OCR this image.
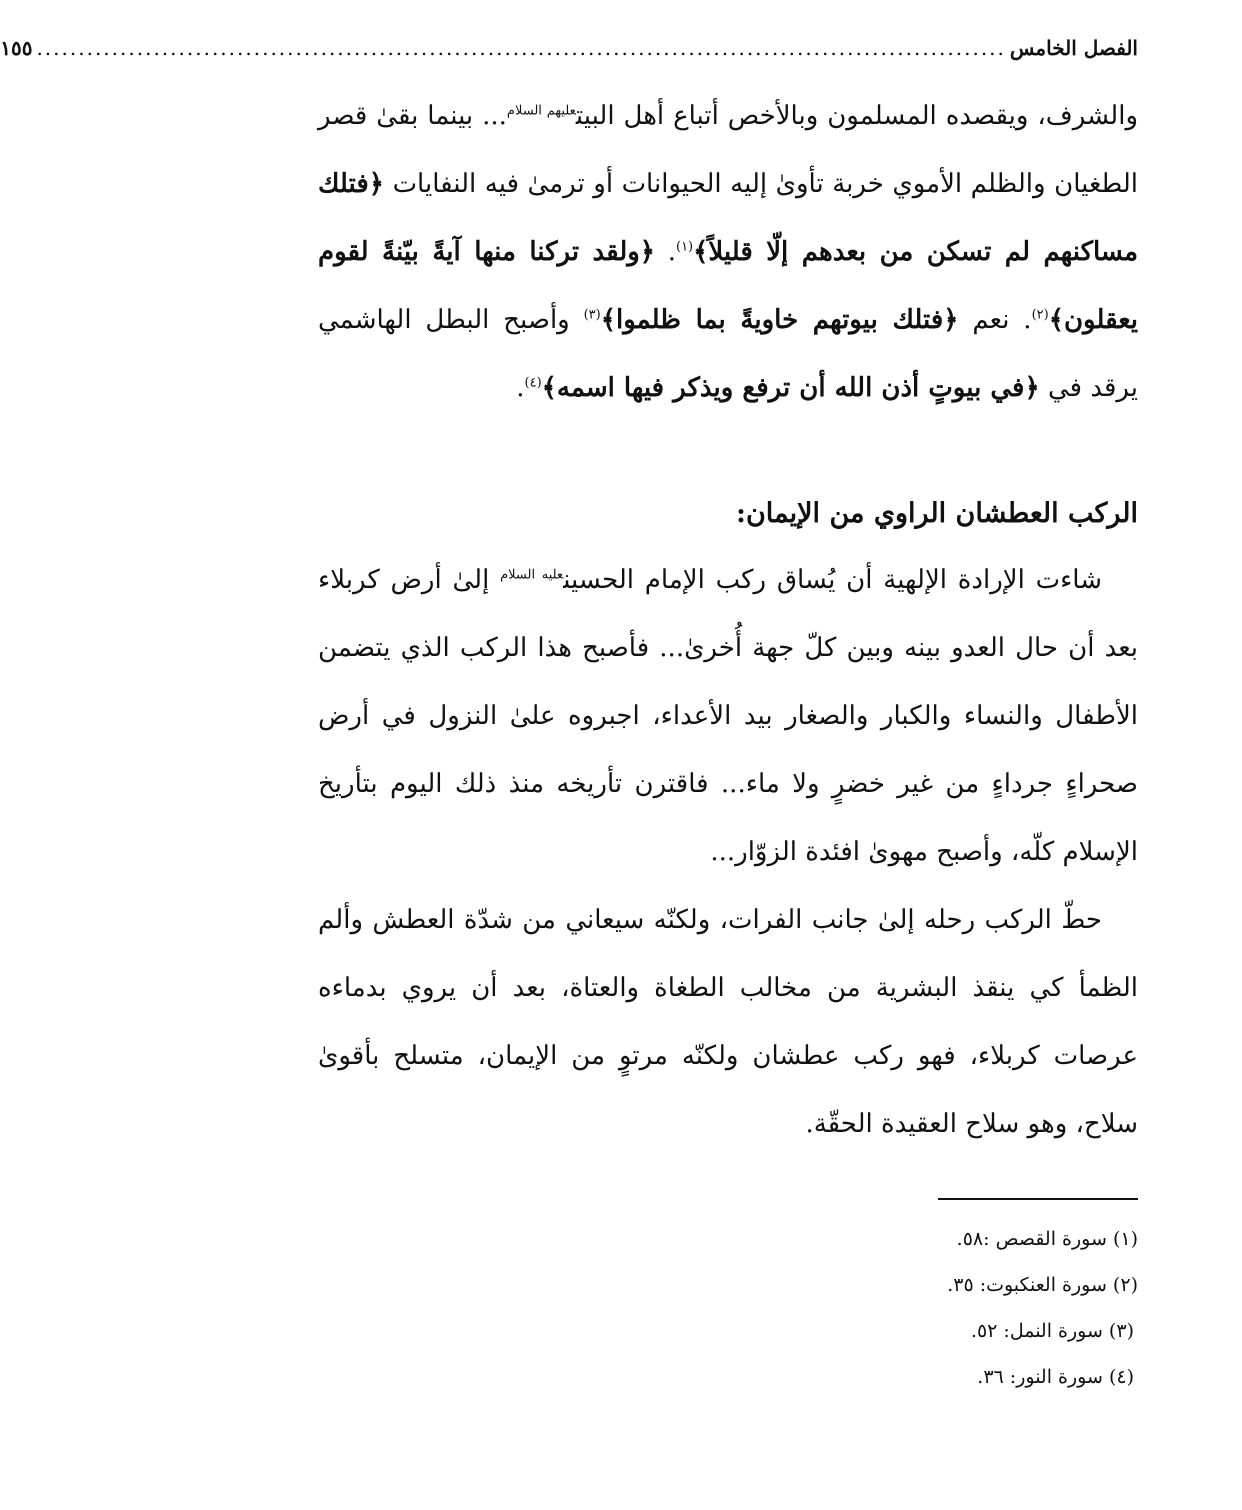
الفصل الخامس
....................................................................................................................
١٥٥

والشرف، ويقصده المسلمون وبالأخص أتباع أهل البيت$^{عليهم السلام}$... بينما بقىٰ قصر الطغيان والظلم الأموي خربة تأوىٰ إليه الحيوانات أو ترمىٰ فيه النفايات ﴿فتلك مساكنهم لم تسكن من بعدهم إلّا قليلاً﴾$^{(١)}$. ﴿ولقد تركنا منها آيةً بيّنةً لقوم يعقلون﴾$^{(٢)}$. نعم ﴿فتلك بيوتهم خاويةً بما ظلموا﴾$^{(٣)}$ وأصبح البطل الهاشمي يرقد في ﴿في بيوتٍ أذن الله أن ترفع ويذكر فيها اسمه﴾$^{(٤)}$.

الركب العطشان الراوي من الإيمان:

شاءت الإرادة الإلهية أن يُساق ركب الإمام الحسين$^{عليه السلام}$ إلىٰ أرض كربلاء بعد أن حال العدو بينه وبين كلّ جهة أُخرىٰ... فأصبح هذا الركب الذي يتضمن الأطفال والنساء والكبار والصغار بيد الأعداء، اجبروه علىٰ النزول في أرض صحراءٍ جرداءٍ من غير خضرٍ ولا ماء... فاقترن تأريخه منذ ذلك اليوم بتأريخ الإسلام كلّه، وأصبح مهوىٰ افئدة الزوّار...

حطّ الركب رحله إلىٰ جانب الفرات، ولكنّه سيعاني من شدّة العطش وألم الظمأ كي ينقذ البشرية من مخالب الطغاة والعتاة، بعد أن يروي بدماءه عرصات كربلاء، فهو ركب عطشان ولكنّه مرتوٍ من الإيمان، متسلح بأقوىٰ سلاح، وهو سلاح العقيدة الحقّة.

(١) سورة القصص :٥٨.
(٢) سورة العنكبوت: ٣٥.
(٣) سورة النمل: ٥٢.
(٤) سورة النور: ٣٦.
